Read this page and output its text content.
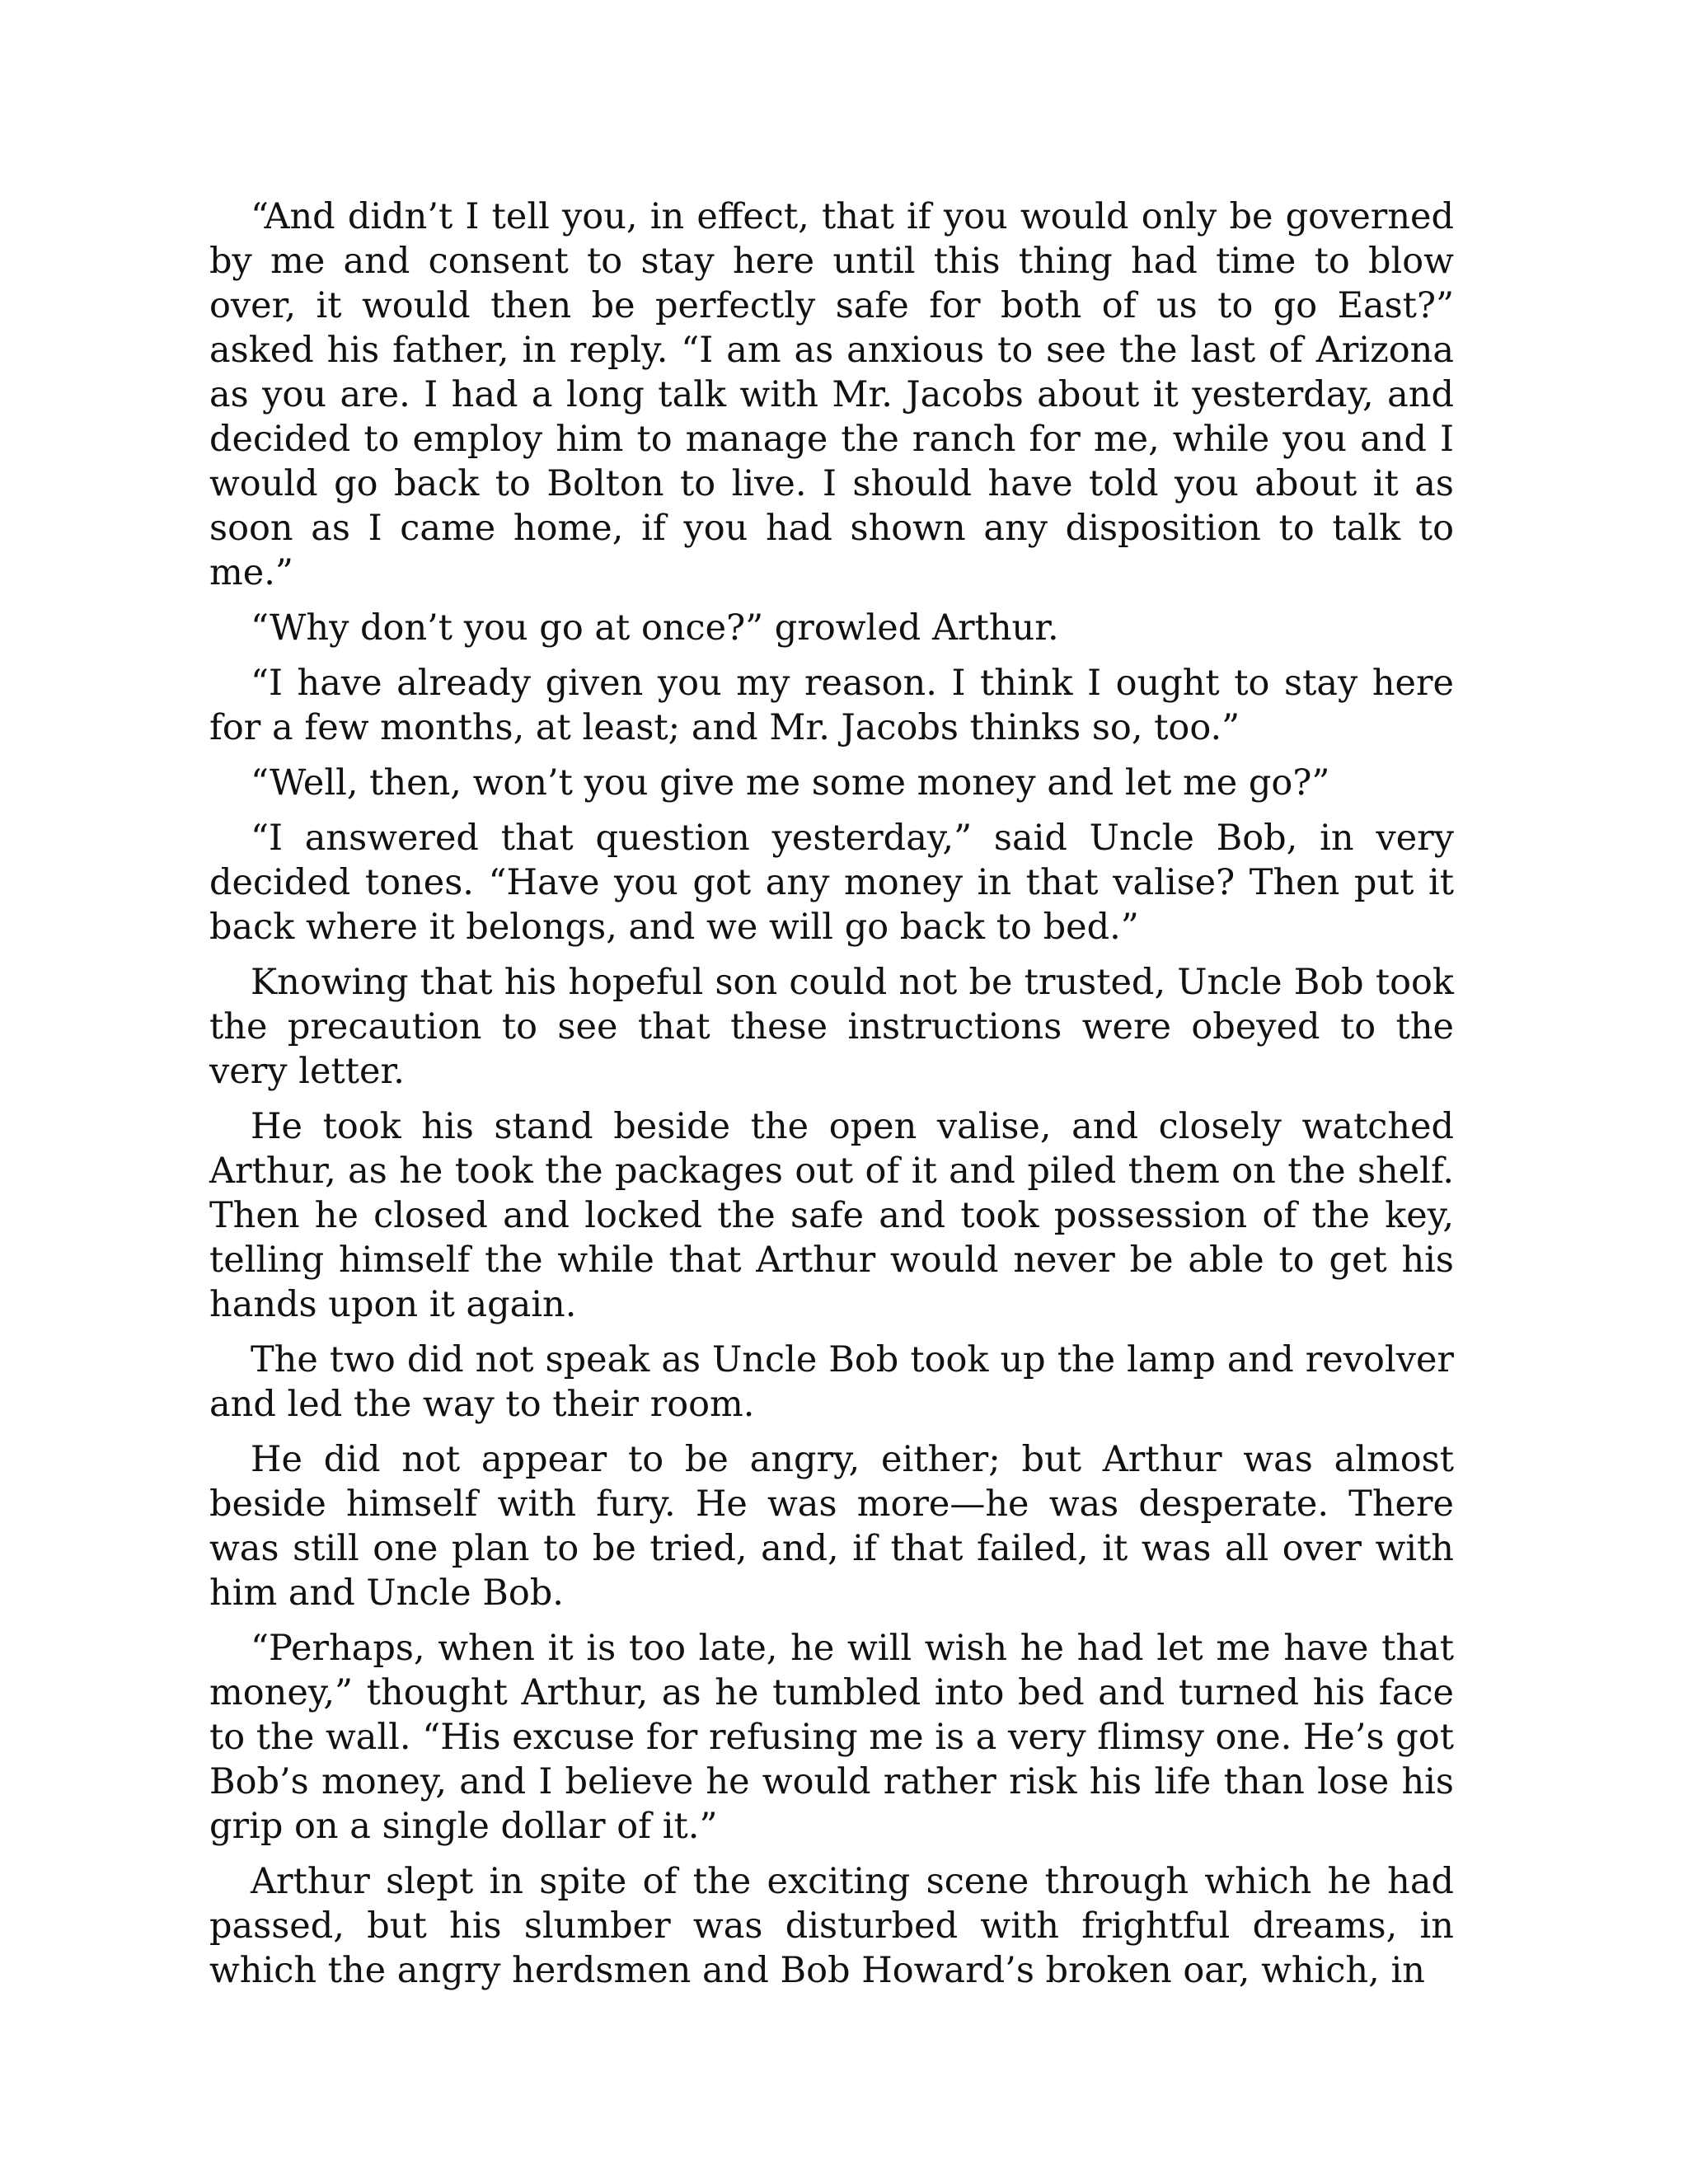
“And didn’t I tell you, in effect, that if you would only be governed by me and consent to stay here until this thing had time to blow over, it would then be perfectly safe for both of us to go East?” asked his father, in reply. “I am as anxious to see the last of Arizona as you are. I had a long talk with Mr. Jacobs about it yesterday, and decided to employ him to manage the ranch for me, while you and I would go back to Bolton to live. I should have told you about it as soon as I came home, if you had shown any disposition to talk to me.”

“Why don’t you go at once?” growled Arthur.

“I have already given you my reason. I think I ought to stay here for a few months, at least; and Mr. Jacobs thinks so, too.”

“Well, then, won’t you give me some money and let me go?”

“I answered that question yesterday,” said Uncle Bob, in very decided tones. “Have you got any money in that valise? Then put it back where it belongs, and we will go back to bed.”

Knowing that his hopeful son could not be trusted, Uncle Bob took the precaution to see that these instructions were obeyed to the very letter.

He took his stand beside the open valise, and closely watched Arthur, as he took the packages out of it and piled them on the shelf. Then he closed and locked the safe and took possession of the key, telling himself the while that Arthur would never be able to get his hands upon it again.

The two did not speak as Uncle Bob took up the lamp and revolver and led the way to their room.

He did not appear to be angry, either; but Arthur was almost beside himself with fury. He was more—he was desperate. There was still one plan to be tried, and, if that failed, it was all over with him and Uncle Bob.

“Perhaps, when it is too late, he will wish he had let me have that money,” thought Arthur, as he tumbled into bed and turned his face to the wall. “His excuse for refusing me is a very flimsy one. He’s got Bob’s money, and I believe he would rather risk his life than lose his grip on a single dollar of it.”

Arthur slept in spite of the exciting scene through which he had passed, but his slumber was disturbed with frightful dreams, in which the angry herdsmen and Bob Howard’s broken oar, which, in
